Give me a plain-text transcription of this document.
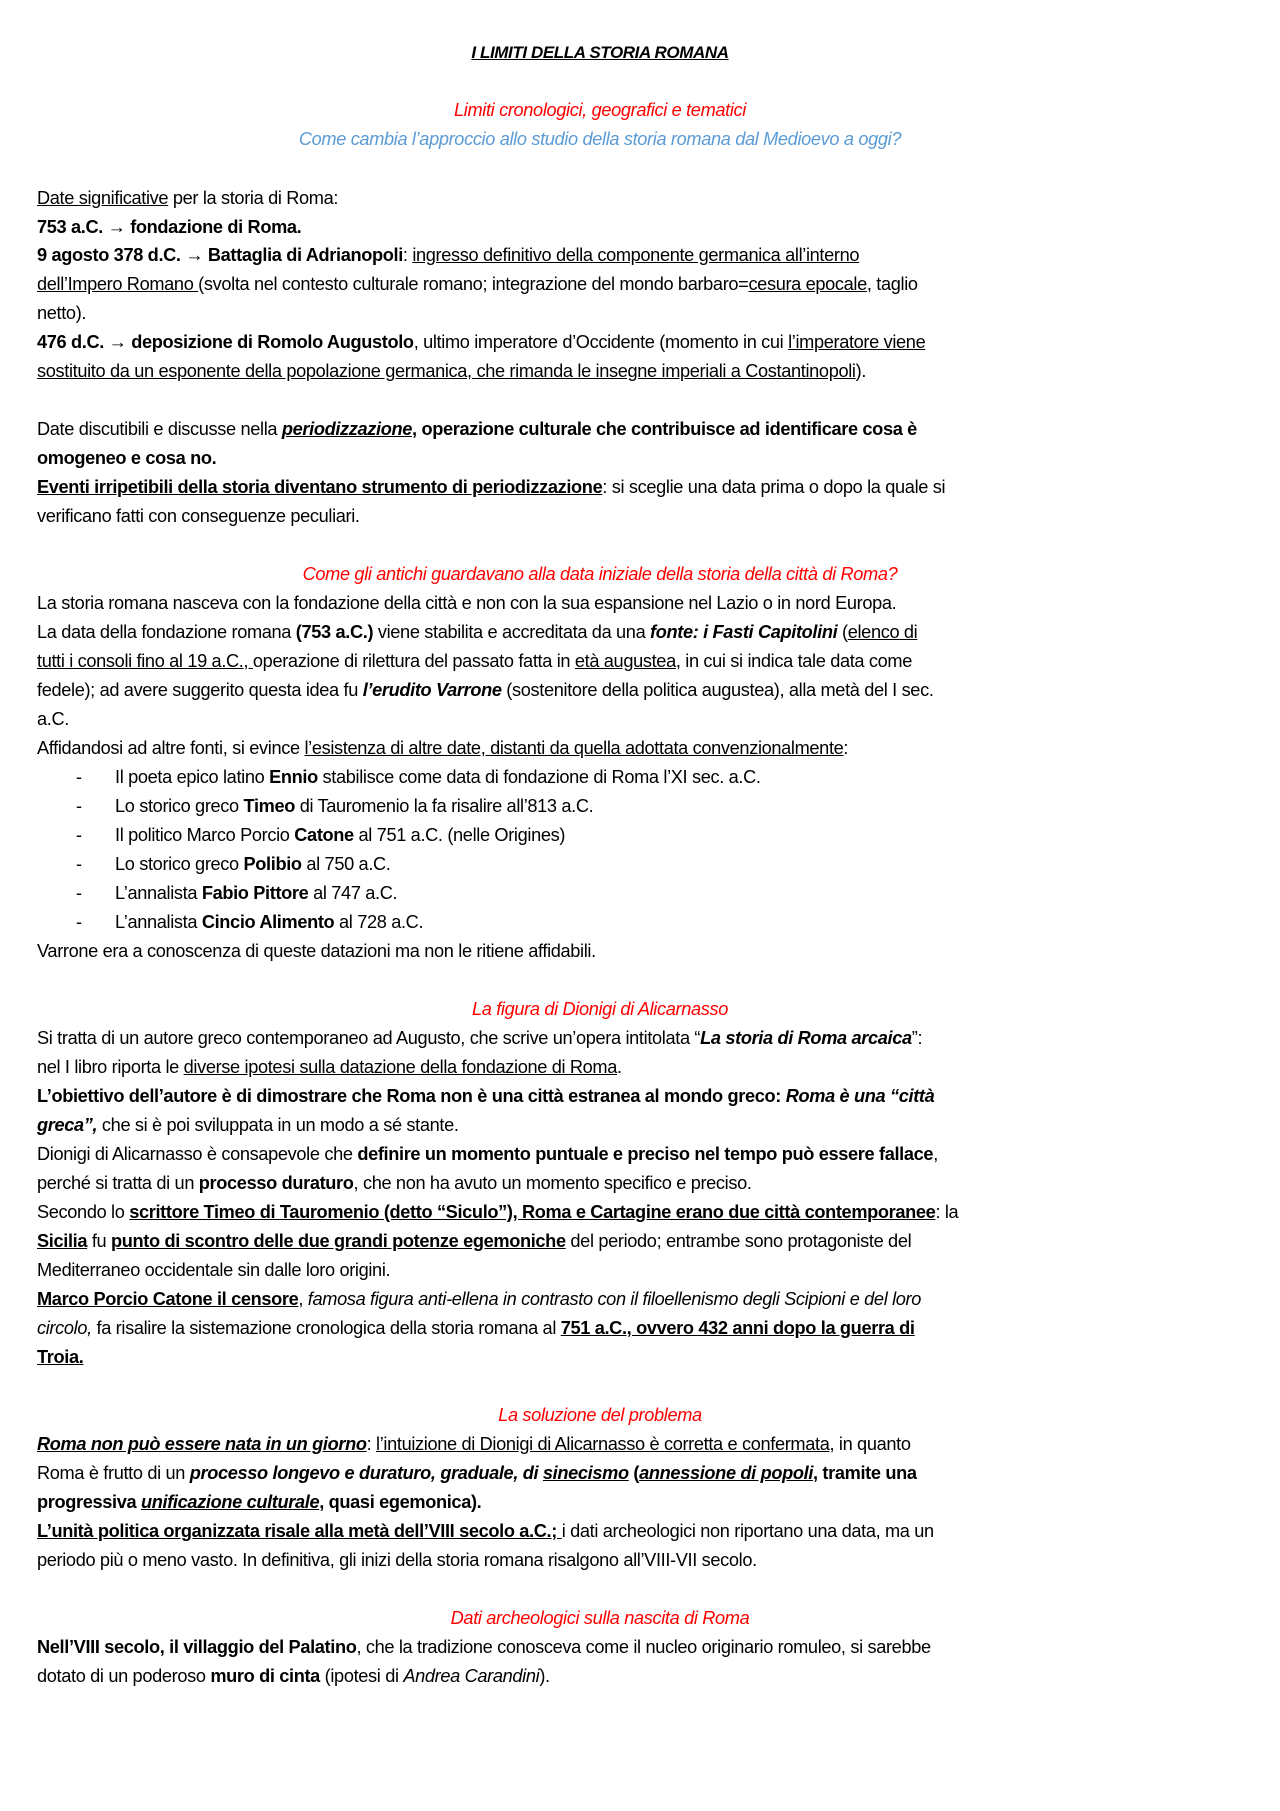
I LIMITI DELLA STORIA ROMANA
Limiti cronologici, geografici e tematici
Come cambia l’approccio allo studio della storia romana dal Medioevo a oggi?
Date significative per la storia di Roma:
753 a.C. → fondazione di Roma.
9 agosto 378 d.C. → Battaglia di Adrianopoli: ingresso definitivo della componente germanica all’interno
dell’Impero Romano (svolta nel contesto culturale romano; integrazione del mondo barbaro=cesura epocale, taglio
netto).
476 d.C. → deposizione di Romolo Augustolo, ultimo imperatore d’Occidente (momento in cui l’imperatore viene
sostituito da un esponente della popolazione germanica, che rimanda le insegne imperiali a Costantinopoli).
Date discutibili e discusse nella periodizzazione, operazione culturale che contribuisce ad identificare cosa è
omogeneo e cosa no.
Eventi irripetibili della storia diventano strumento di periodizzazione: si sceglie una data prima o dopo la quale si
verificano fatti con conseguenze peculiari.
Come gli antichi guardavano alla data iniziale della storia della città di Roma?
La storia romana nasceva con la fondazione della città e non con la sua espansione nel Lazio o in nord Europa.
La data della fondazione romana (753 a.C.) viene stabilita e accreditata da una fonte: i Fasti Capitolini (elenco di
tutti i consoli fino al 19 a.C., operazione di rilettura del passato fatta in età augustea, in cui si indica tale data come
fedele); ad avere suggerito questa idea fu l’erudito Varrone (sostenitore della politica augustea), alla metà del I sec.
a.C.
Affidandosi ad altre fonti, si evince l’esistenza di altre date, distanti da quella adottata convenzionalmente:
- Il poeta epico latino Ennio stabilisce come data di fondazione di Roma l’XI sec. a.C.
- Lo storico greco Timeo di Tauromenio la fa risalire all’813 a.C.
- Il politico Marco Porcio Catone al 751 a.C. (nelle Origines)
- Lo storico greco Polibio al 750 a.C.
- L’annalista Fabio Pittore al 747 a.C.
- L’annalista Cincio Alimento al 728 a.C.
Varrone era a conoscenza di queste datazioni ma non le ritiene affidabili.
La figura di Dionigi di Alicarnasso
Si tratta di un autore greco contemporaneo ad Augusto, che scrive un’opera intitolata “La storia di Roma arcaica”:
nel I libro riporta le diverse ipotesi sulla datazione della fondazione di Roma.
L’obiettivo dell’autore è di dimostrare che Roma non è una città estranea al mondo greco: Roma è una “città
greca”, che si è poi sviluppata in un modo a sé stante.
Dionigi di Alicarnasso è consapevole che definire un momento puntuale e preciso nel tempo può essere fallace,
perché si tratta di un processo duraturo, che non ha avuto un momento specifico e preciso.
Secondo lo scrittore Timeo di Tauromenio (detto “Siculo”), Roma e Cartagine erano due città contemporanee: la
Sicilia fu punto di scontro delle due grandi potenze egemoniche del periodo; entrambe sono protagoniste del
Mediterraneo occidentale sin dalle loro origini.
Marco Porcio Catone il censore, famosa figura anti-ellena in contrasto con il filoellenismo degli Scipioni e del loro
circolo, fa risalire la sistemazione cronologica della storia romana al 751 a.C., ovvero 432 anni dopo la guerra di
Troia.
La soluzione del problema
Roma non può essere nata in un giorno: l’intuizione di Dionigi di Alicarnasso è corretta e confermata, in quanto
Roma è frutto di un processo longevo e duraturo, graduale, di sinecismo (annessione di popoli, tramite una
progressiva unificazione culturale, quasi egemonica).
L’unità politica organizzata risale alla metà dell’VIII secolo a.C.; i dati archeologici non riportano una data, ma un
periodo più o meno vasto. In definitiva, gli inizi della storia romana risalgono all’VIII-VII secolo.
Dati archeologici sulla nascita di Roma
Nell’VIII secolo, il villaggio del Palatino, che la tradizione conosceva come il nucleo originario romuleo, si sarebbe
dotato di un poderoso muro di cinta (ipotesi di Andrea Carandini).
